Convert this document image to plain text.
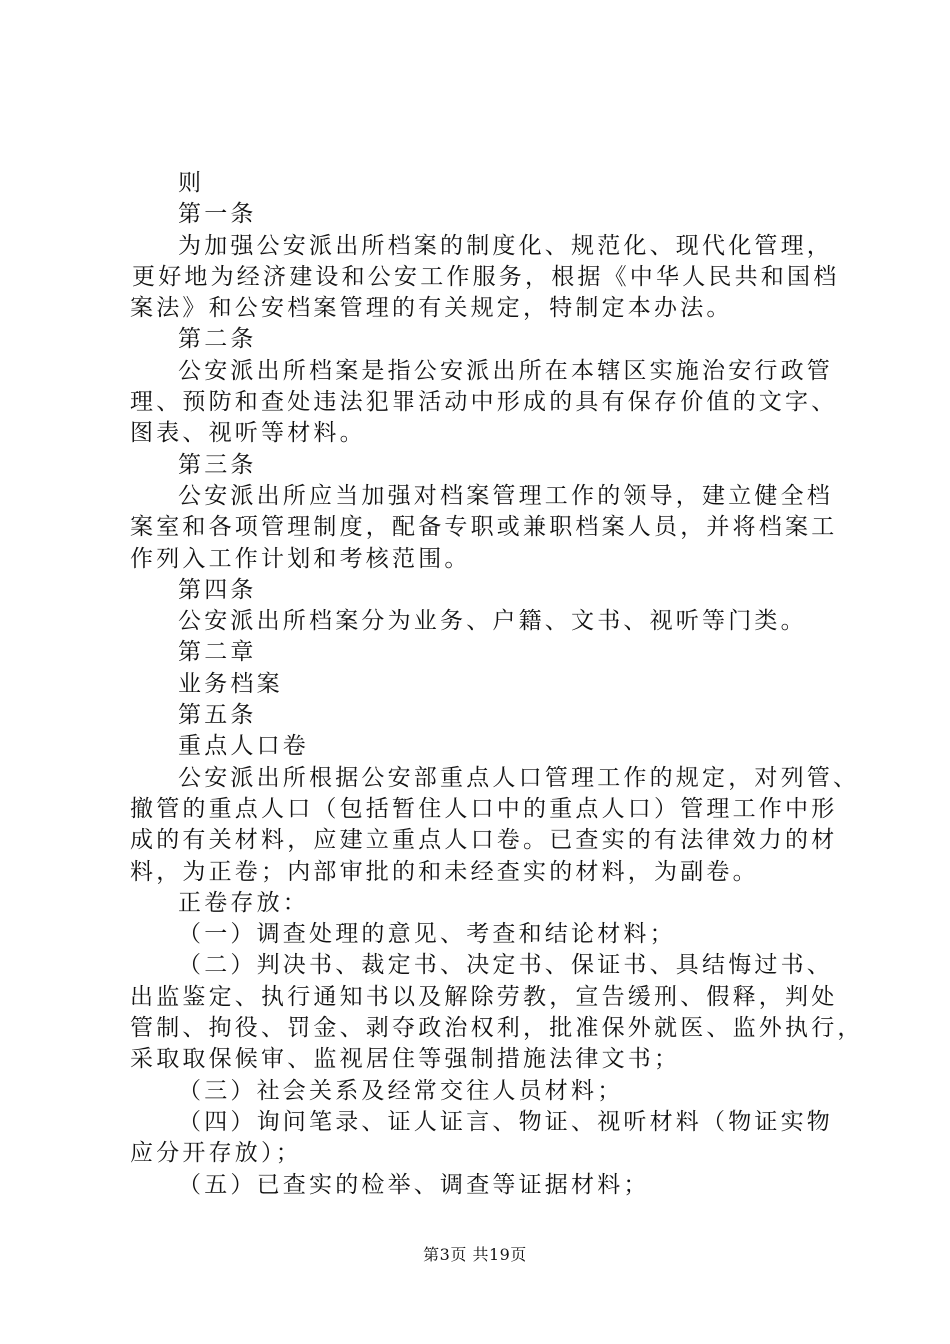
则

第一条

为加强公安派出所档案的制度化、规范化、现代化管理，

更好地为经济建设和公安工作服务，根据《中华人民共和国档

案法》和公安档案管理的有关规定，特制定本办法。

第二条

公安派出所档案是指公安派出所在本辖区实施治安行政管

理、预防和查处违法犯罪活动中形成的具有保存价值的文字、

图表、视听等材料。

第三条

公安派出所应当加强对档案管理工作的领导，建立健全档

案室和各项管理制度，配备专职或兼职档案人员，并将档案工

作列入工作计划和考核范围。

第四条

公安派出所档案分为业务、户籍、文书、视听等门类。

第二章

业务档案

第五条

重点人口卷

公安派出所根据公安部重点人口管理工作的规定，对列管、

撤管的重点人口（包括暂住人口中的重点人口）管理工作中形

成的有关材料，应建立重点人口卷。已查实的有法律效力的材

料，为正卷；内部审批的和未经查实的材料，为副卷。

正卷存放：

（一）调查处理的意见、考查和结论材料；

（二）判决书、裁定书、决定书、保证书、具结悔过书、

出监鉴定、执行通知书以及解除劳教，宣告缓刑、假释，判处

管制、拘役、罚金、剥夺政治权利，批准保外就医、监外执行，

采取取保候审、监视居住等强制措施法律文书；

（三）社会关系及经常交往人员材料；

（四）询问笔录、证人证言、物证、视听材料（物证实物

应分开存放）；

（五）已查实的检举、调查等证据材料；

第3页 共19页
